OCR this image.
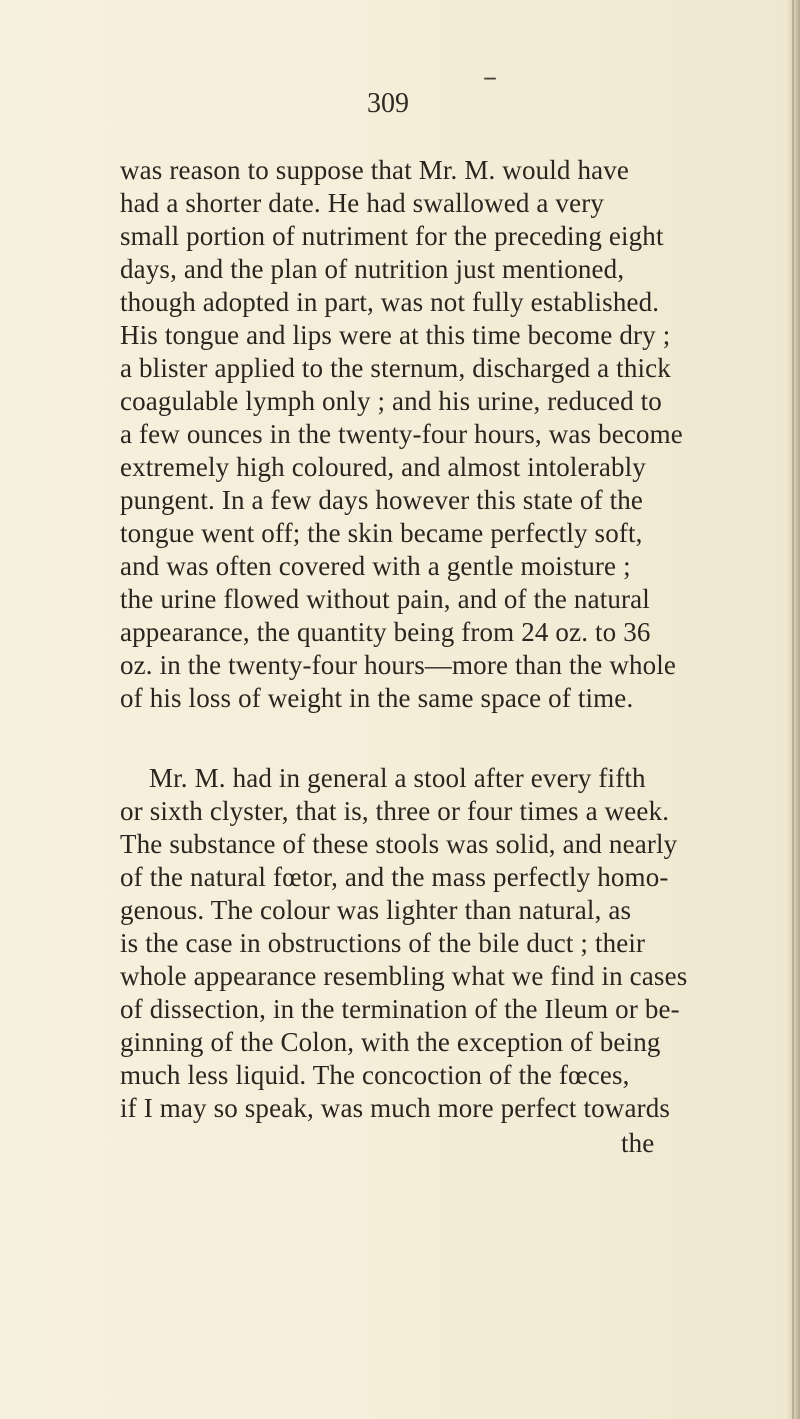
–
309
was reason to suppose that Mr. M. would have
had a shorter date. He had swallowed a very
small portion of nutriment for the preceding eight
days, and the plan of nutrition just mentioned,
though adopted in part, was not fully established.
His tongue and lips were at this time become dry ;
a blister applied to the sternum, discharged a thick
coagulable lymph only ; and his urine, reduced to
a few ounces in the twenty-four hours, was become
extremely high coloured, and almost intolerably
pungent. In a few days however this state of the
tongue went off; the skin became perfectly soft,
and was often covered with a gentle moisture ;
the urine flowed without pain, and of the natural
appearance, the quantity being from 24 oz. to 36
oz. in the twenty-four hours—more than the whole
of his loss of weight in the same space of time.
Mr. M. had in general a stool after every fifth
or sixth clyster, that is, three or four times a week.
The substance of these stools was solid, and nearly
of the natural fœtor, and the mass perfectly homo-
genous. The colour was lighter than natural, as
is the case in obstructions of the bile duct ; their
whole appearance resembling what we find in cases
of dissection, in the termination of the Ileum or be-
ginning of the Colon, with the exception of being
much less liquid. The concoction of the fœces,
if I may so speak, was much more perfect towards
the
